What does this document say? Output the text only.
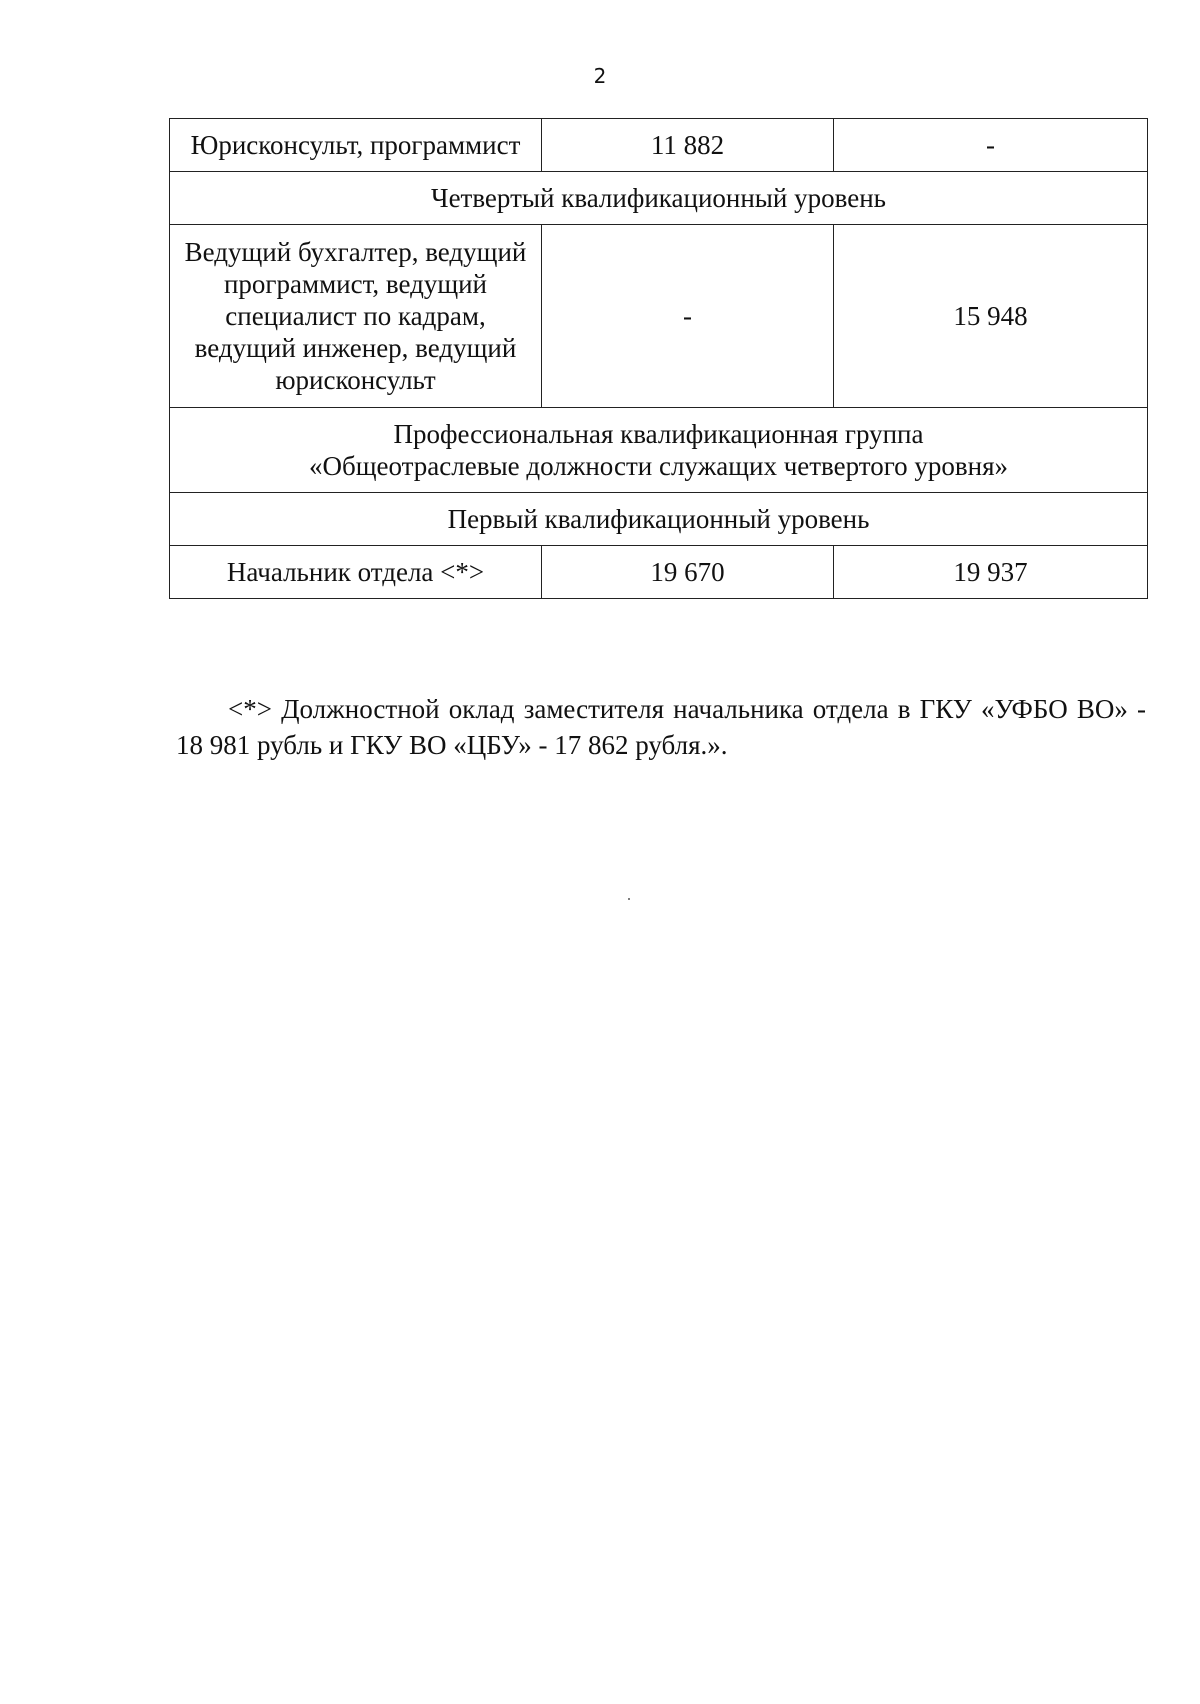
2
Юрисконсульт, программист	11 882	-
Четвертый квалификационный уровень		

Ведущий бухгалтер, ведущий
программист, ведущий
специалист по кадрам,
ведущий инженер, ведущий
юрисконсульт	-	15 948

Профессиональная квалификационная группа
«Общеотраслевые должности служащих четвертого уровня»		

Первый квалификационный уровень		
Начальник отдела <*>	19 670	19 937

<*> Должностной оклад заместителя начальника отдела в ГКУ «УФБО ВО» - 18 981 рубль и ГКУ ВО «ЦБУ» - 17 862 рубля.».
